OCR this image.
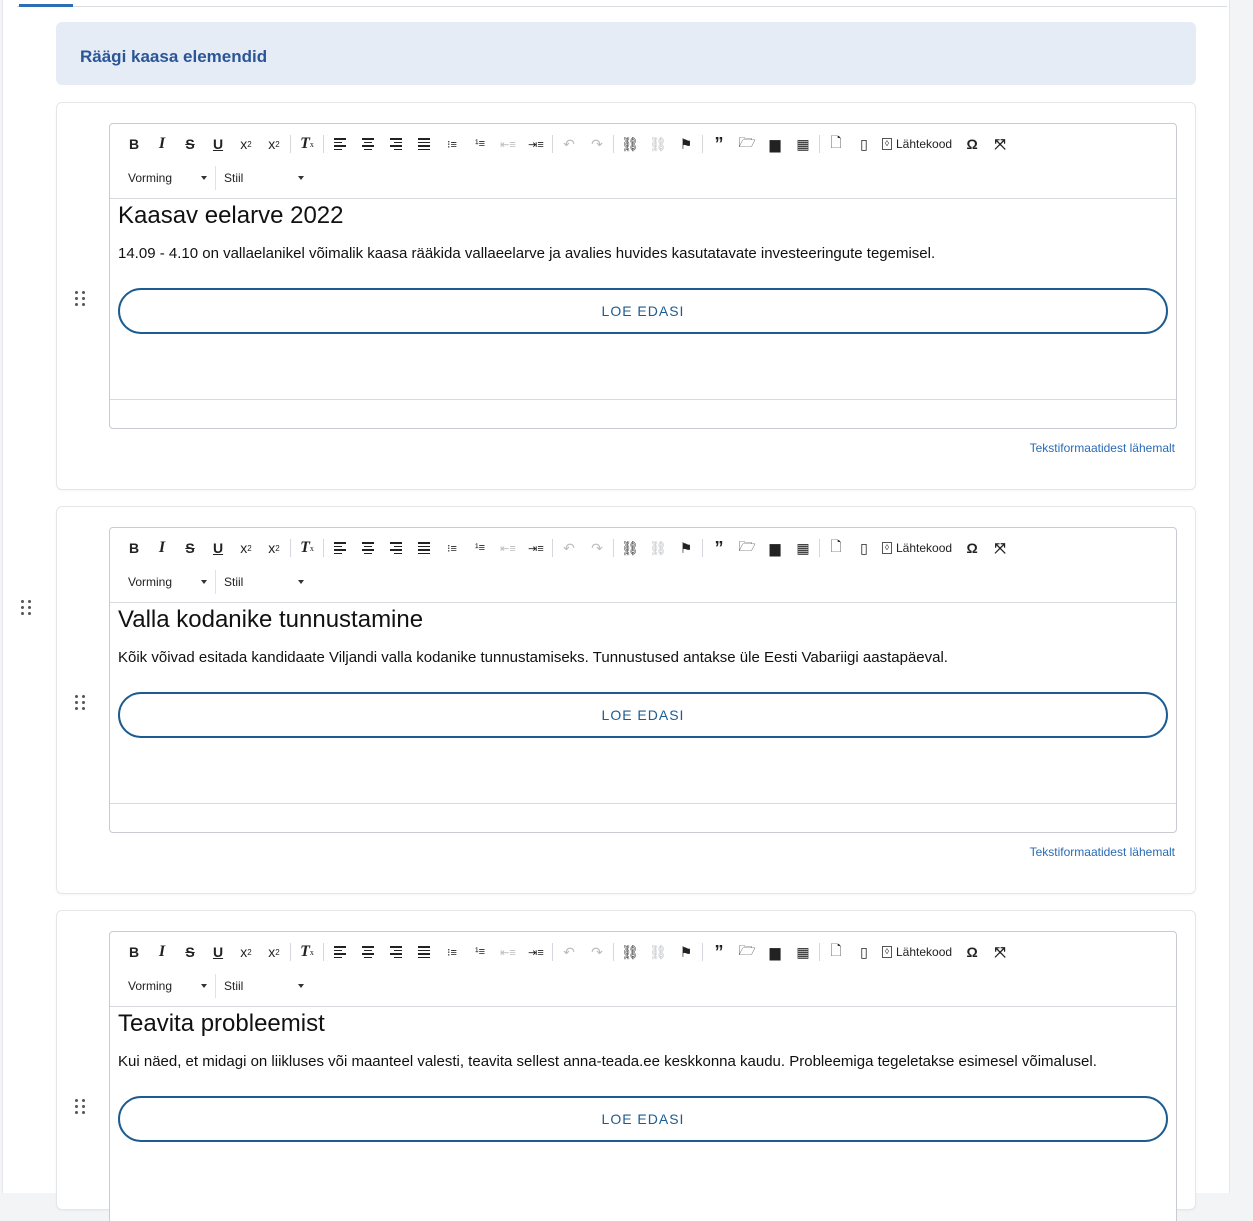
Räägi kaasa elemendid
B	I	S	U	x 2	x 2	T x	⁝≡	¹≡	⇤≡	⇥≡	↶	↷	⛓ ⛓ ⚑	”	🗁 ▆	▦	🗋	▯	◊ Lähtekood	Ω	⤧
Vorming	Stiil
Kaasav eelarve 2022

14.09 - 4.10 on vallaelanikel võimalik kaasa rääkida vallaeelarve ja avalies huvides kasutatavate investeeringute tegemisel.

LOE EDASI
Tekstiformaatidest lähemalt
B	I	S	U	x 2	x 2	T x	⁝≡	¹≡	⇤≡	⇥≡	↶	↷	⛓ ⛓ ⚑	”	🗁 ▆	▦	🗋	▯	◊ Lähtekood	Ω	⤧
Vorming	Stiil
Valla kodanike tunnustamine

Kõik võivad esitada kandidaate Viljandi valla kodanike tunnustamiseks. Tunnustused antakse üle Eesti Vabariigi aastapäeval.

LOE EDASI
Tekstiformaatidest lähemalt
B	I	S	U	x 2	x 2	T x	⁝≡	¹≡	⇤≡	⇥≡	↶	↷	⛓ ⛓ ⚑	”	🗁 ▆	▦	🗋	▯	◊ Lähtekood	Ω	⤧
Vorming	Stiil
Teavita probleemist

Kui näed, et midagi on liikluses või maanteel valesti, teavita sellest anna-teada.ee keskkonna kaudu. Probleemiga tegeletakse esimesel võimalusel.

LOE EDASI
